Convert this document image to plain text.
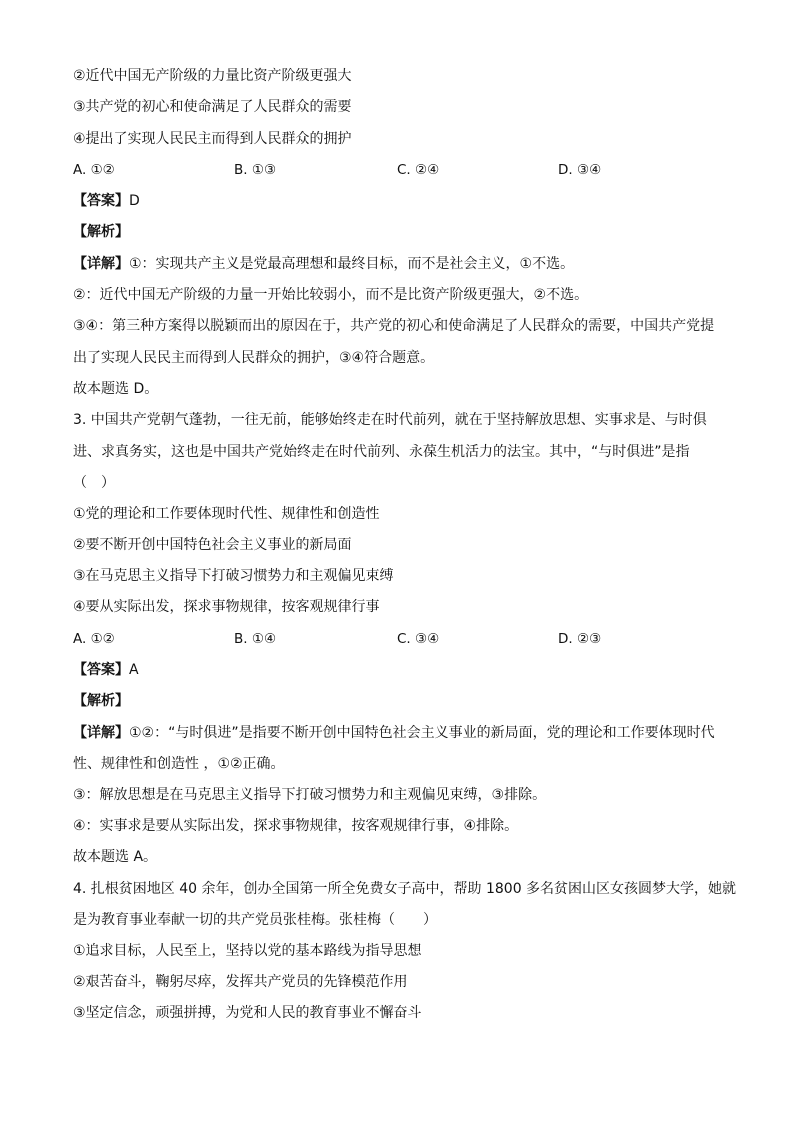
②近代中国无产阶级的力量比资产阶级更强大
③共产党的初心和使命满足了人民群众的需要
④提出了实现人民民主而得到人民群众的拥护
A. ①②	B. ①③	C. ②④	D. ③④
【答案】D
【解析】
【详解】①：实现共产主义是党最高理想和最终目标，而不是社会主义，①不选。
②：近代中国无产阶级的力量一开始比较弱小，而不是比资产阶级更强大，②不选。
③④：第三种方案得以脱颖而出的原因在于，共产党的初心和使命满足了人民群众的需要，中国共产党提
出了实现人民民主而得到人民群众的拥护，③④符合题意。
故本题选 D。
3. 中国共产党朝气蓬勃，一往无前，能够始终走在时代前列，就在于坚持解放思想、实事求是、与时俱
进、求真务实，这也是中国共产党始终走在时代前列、永葆生机活力的法宝。其中，“与时俱进”是指
（　）
①党的理论和工作要体现时代性、规律性和创造性
②要不断开创中国特色社会主义事业的新局面
③在马克思主义指导下打破习惯势力和主观偏见束缚
④要从实际出发，探求事物规律，按客观规律行事
A. ①②	B. ①④	C. ③④	D. ②③
【答案】A
【解析】
【详解】①②：“与时俱进”是指要不断开创中国特色社会主义事业的新局面，党的理论和工作要体现时代
性、规律性和创造性 ，①②正确。
③：解放思想是在马克思主义指导下打破习惯势力和主观偏见束缚，③排除。
④：实事求是要从实际出发，探求事物规律，按客观规律行事，④排除。
故本题选 A。
4. 扎根贫困地区 40 余年，创办全国第一所全免费女子高中，帮助 1800 多名贫困山区女孩圆梦大学，她就
是为教育事业奉献一切的共产党员张桂梅。张桂梅（　　）
①追求目标，人民至上，坚持以党的基本路线为指导思想
②艰苦奋斗，鞠躬尽瘁，发挥共产党员的先锋模范作用
③坚定信念，顽强拼搏，为党和人民的教育事业不懈奋斗
